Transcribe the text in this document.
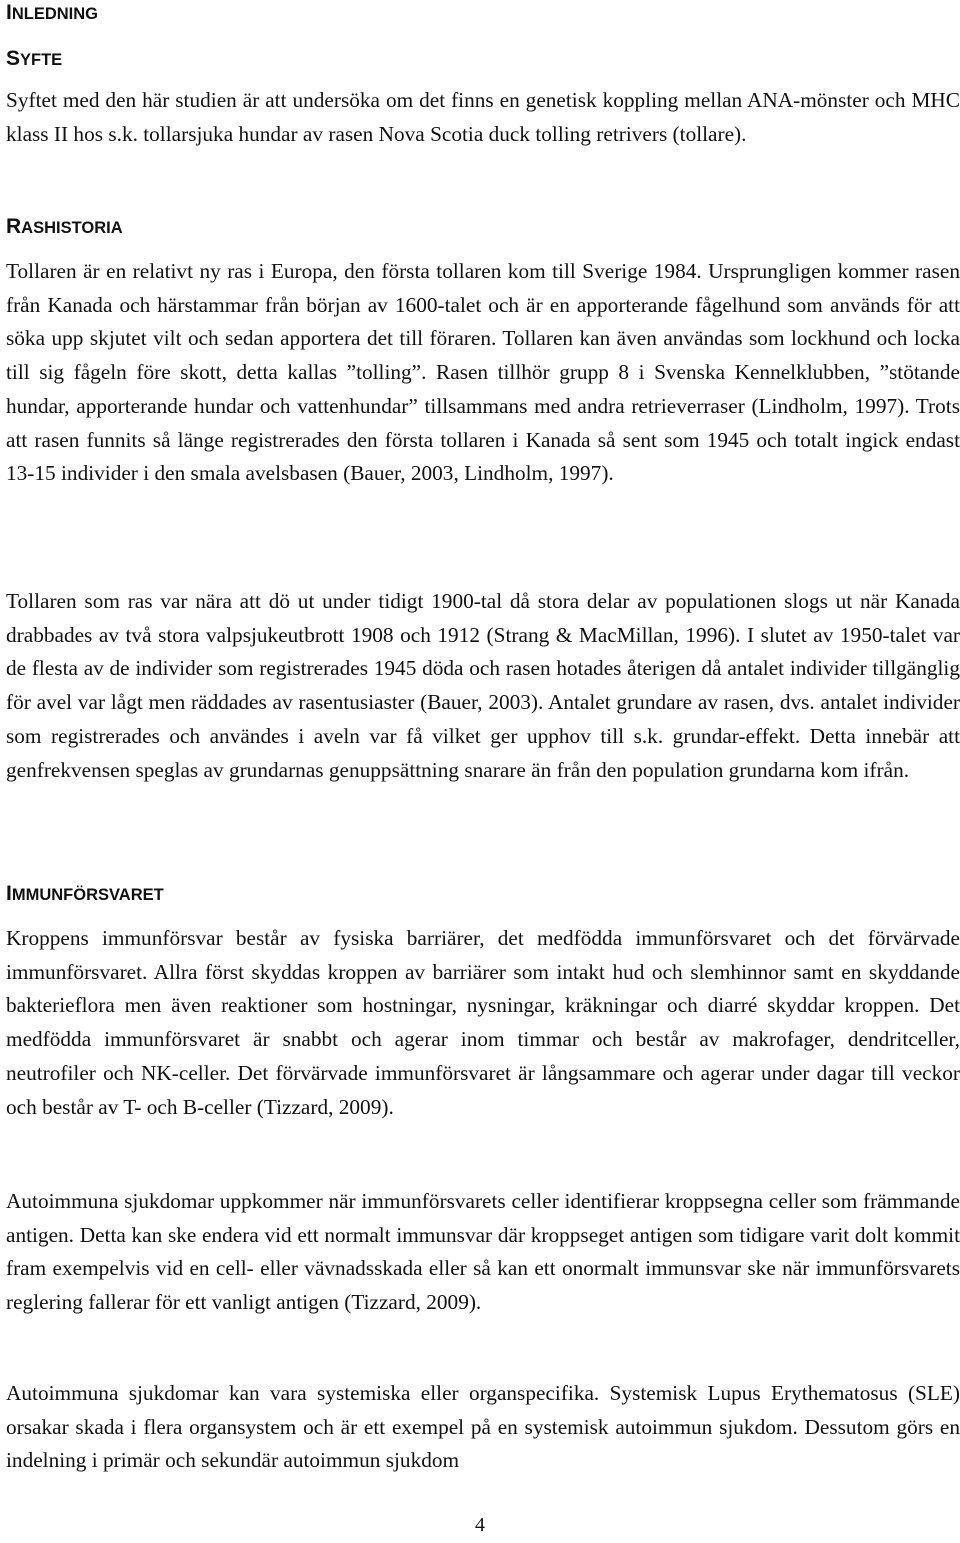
INLEDNING
SYFTE

Syftet med den här studien är att undersöka om det finns en genetisk koppling mellan ANA-mönster och MHC klass II hos s.k. tollarsjuka hundar av rasen Nova Scotia duck tolling retrivers (tollare).

RASHISTORIA

Tollaren är en relativt ny ras i Europa, den första tollaren kom till Sverige 1984. Ursprungligen kommer rasen från Kanada och härstammar från början av 1600-talet och är en apporterande fågelhund som används för att söka upp skjutet vilt och sedan apportera det till föraren. Tollaren kan även användas som lockhund och locka till sig fågeln före skott, detta kallas ”tolling”. Rasen tillhör grupp 8 i Svenska Kennelklubben, ”stötande hundar, apporterande hundar och vattenhundar” tillsammans med andra retrieverraser (Lindholm, 1997). Trots att rasen funnits så länge registrerades den första tollaren i Kanada så sent som 1945 och totalt ingick endast 13-15 individer i den smala avelsbasen (Bauer, 2003, Lindholm, 1997).

Tollaren som ras var nära att dö ut under tidigt 1900-tal då stora delar av populationen slogs ut när Kanada drabbades av två stora valpsjukeutbrott 1908 och 1912 (Strang & MacMillan, 1996). I slutet av 1950-talet var de flesta av de individer som registrerades 1945 döda och rasen hotades återigen då antalet individer tillgänglig för avel var lågt men räddades av rasentusiaster (Bauer, 2003). Antalet grundare av rasen, dvs. antalet individer som registrerades och användes i aveln var få vilket ger upphov till s.k. grundar-effekt. Detta innebär att genfrekvensen speglas av grundarnas genuppsättning snarare än från den population grundarna kom ifrån.

IMMUNFÖRSVARET

Kroppens immunförsvar består av fysiska barriärer, det medfödda immunförsvaret och det förvärvade immunförsvaret. Allra först skyddas kroppen av barriärer som intakt hud och slemhinnor samt en skyddande bakterieflora men även reaktioner som hostningar, nysningar, kräkningar och diarré skyddar kroppen. Det medfödda immunförsvaret är snabbt och agerar inom timmar och består av makrofager, dendritceller, neutrofiler och NK-celler. Det förvärvade immunförsvaret är långsammare och agerar under dagar till veckor och består av T- och B-celler (Tizzard, 2009).

Autoimmuna sjukdomar uppkommer när immunförsvarets celler identifierar kroppsegna celler som främmande antigen. Detta kan ske endera vid ett normalt immunsvar där kroppseget antigen som tidigare varit dolt kommit fram exempelvis vid en cell- eller vävnadsskada eller så kan ett onormalt immunsvar ske när immunförsvarets reglering fallerar för ett vanligt antigen (Tizzard, 2009).

Autoimmuna sjukdomar kan vara systemiska eller organspecifika. Systemisk Lupus Erythematosus (SLE) orsakar skada i flera organsystem och är ett exempel på en systemisk autoimmun sjukdom. Dessutom görs en indelning i primär och sekundär autoimmun sjukdom

4
